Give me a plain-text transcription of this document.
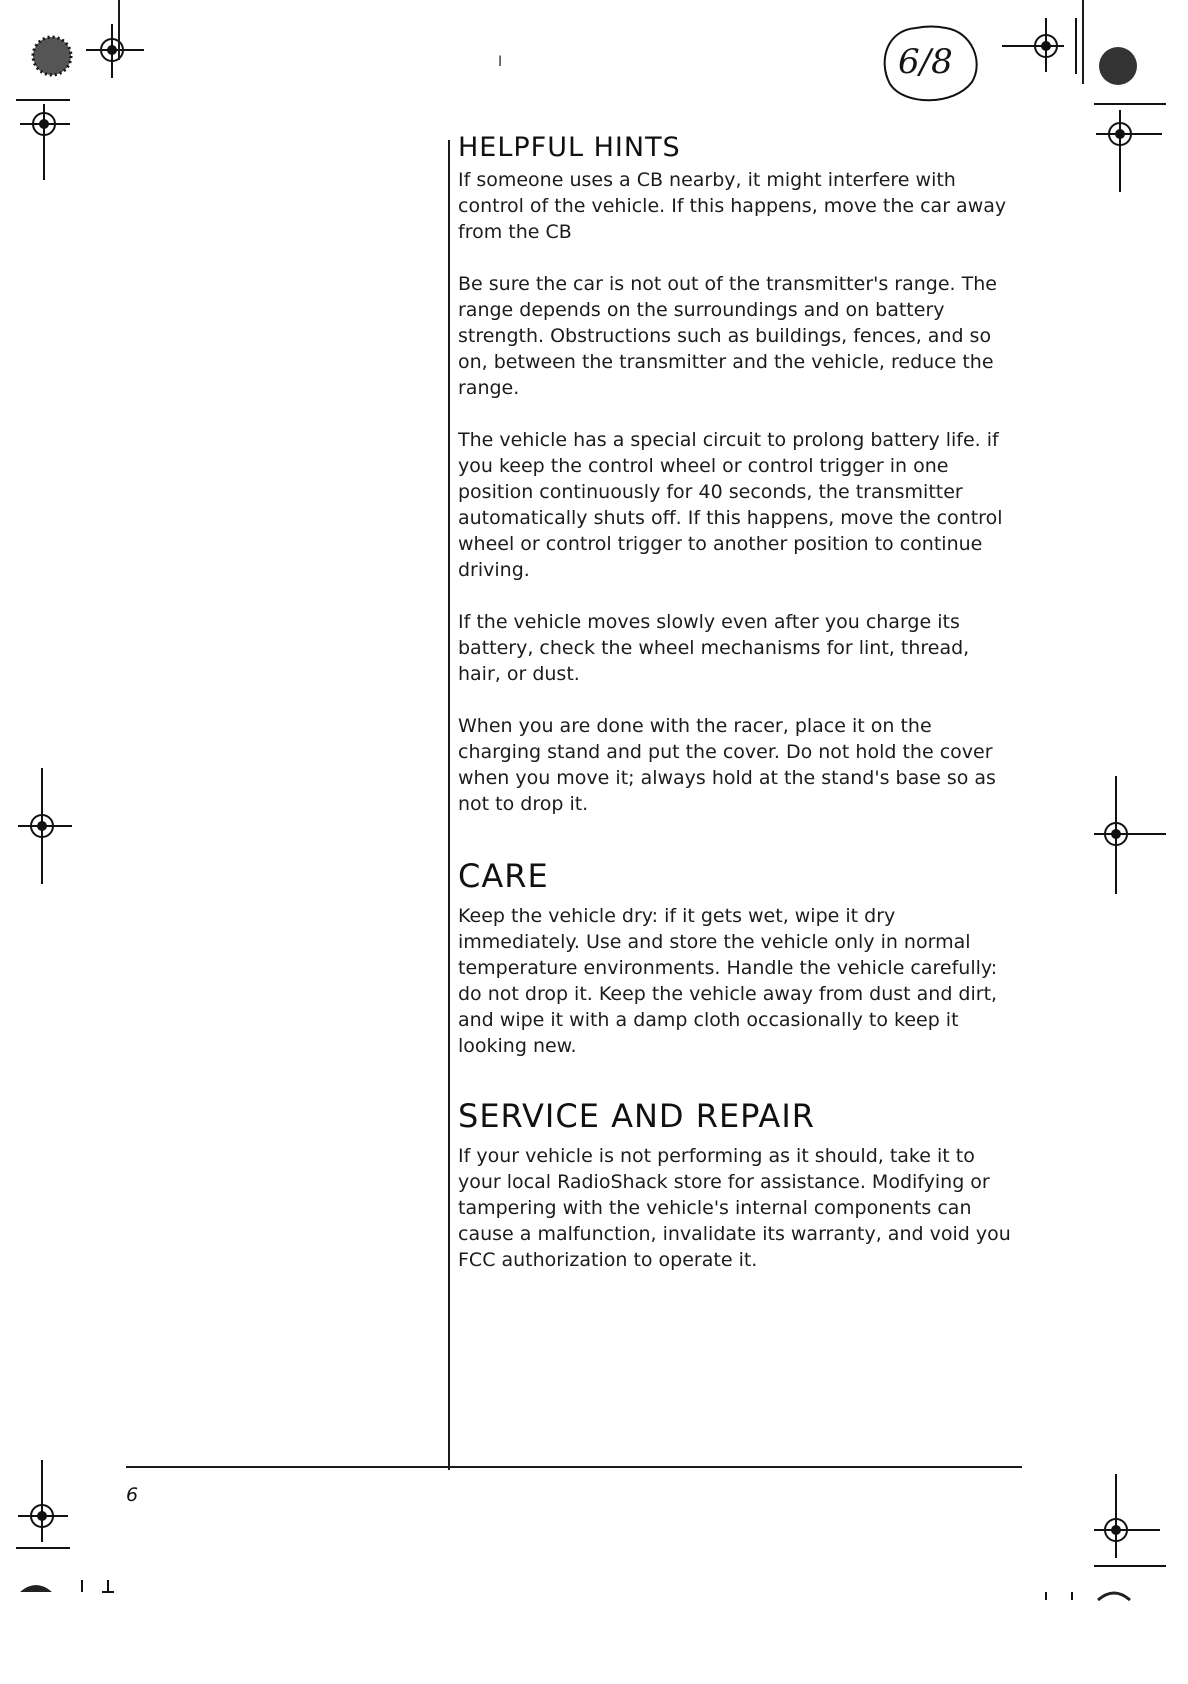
I	6/8
HELPFUL HINTS

If someone uses a CB nearby, it might interfere with control of the vehicle. If this happens, move the car away from the CB

Be sure the car is not out of the transmitter's range. The range depends on the surroundings and on battery strength. Obstructions such as buildings, fences, and so on, between the transmitter and the vehicle, reduce the range.

The vehicle has a special circuit to prolong battery life. if you keep the control wheel or control trigger in one position continuously for 40 seconds, the transmitter automatically shuts off. If this happens, move the control wheel or control trigger to another position to continue driving.

If the vehicle moves slowly even after you charge its battery, check the wheel mechanisms for lint, thread, hair, or dust.

When you are done with the racer, place it on the charging stand and put the cover. Do not hold the cover when you move it; always hold at the stand's base so as not to drop it.

CARE

Keep the vehicle dry: if it gets wet, wipe it dry immediately. Use and store the vehicle only in normal temperature environments. Handle the vehicle carefully: do not drop it. Keep the vehicle away from dust and dirt, and wipe it with a damp cloth occasionally to keep it looking new.

SERVICE AND REPAIR

If your vehicle is not performing as it should, take it to your local RadioShack store for assistance. Modifying or tampering with the vehicle's internal components can cause a malfunction, invalidate its warranty, and void you FCC authorization to operate it.

6
